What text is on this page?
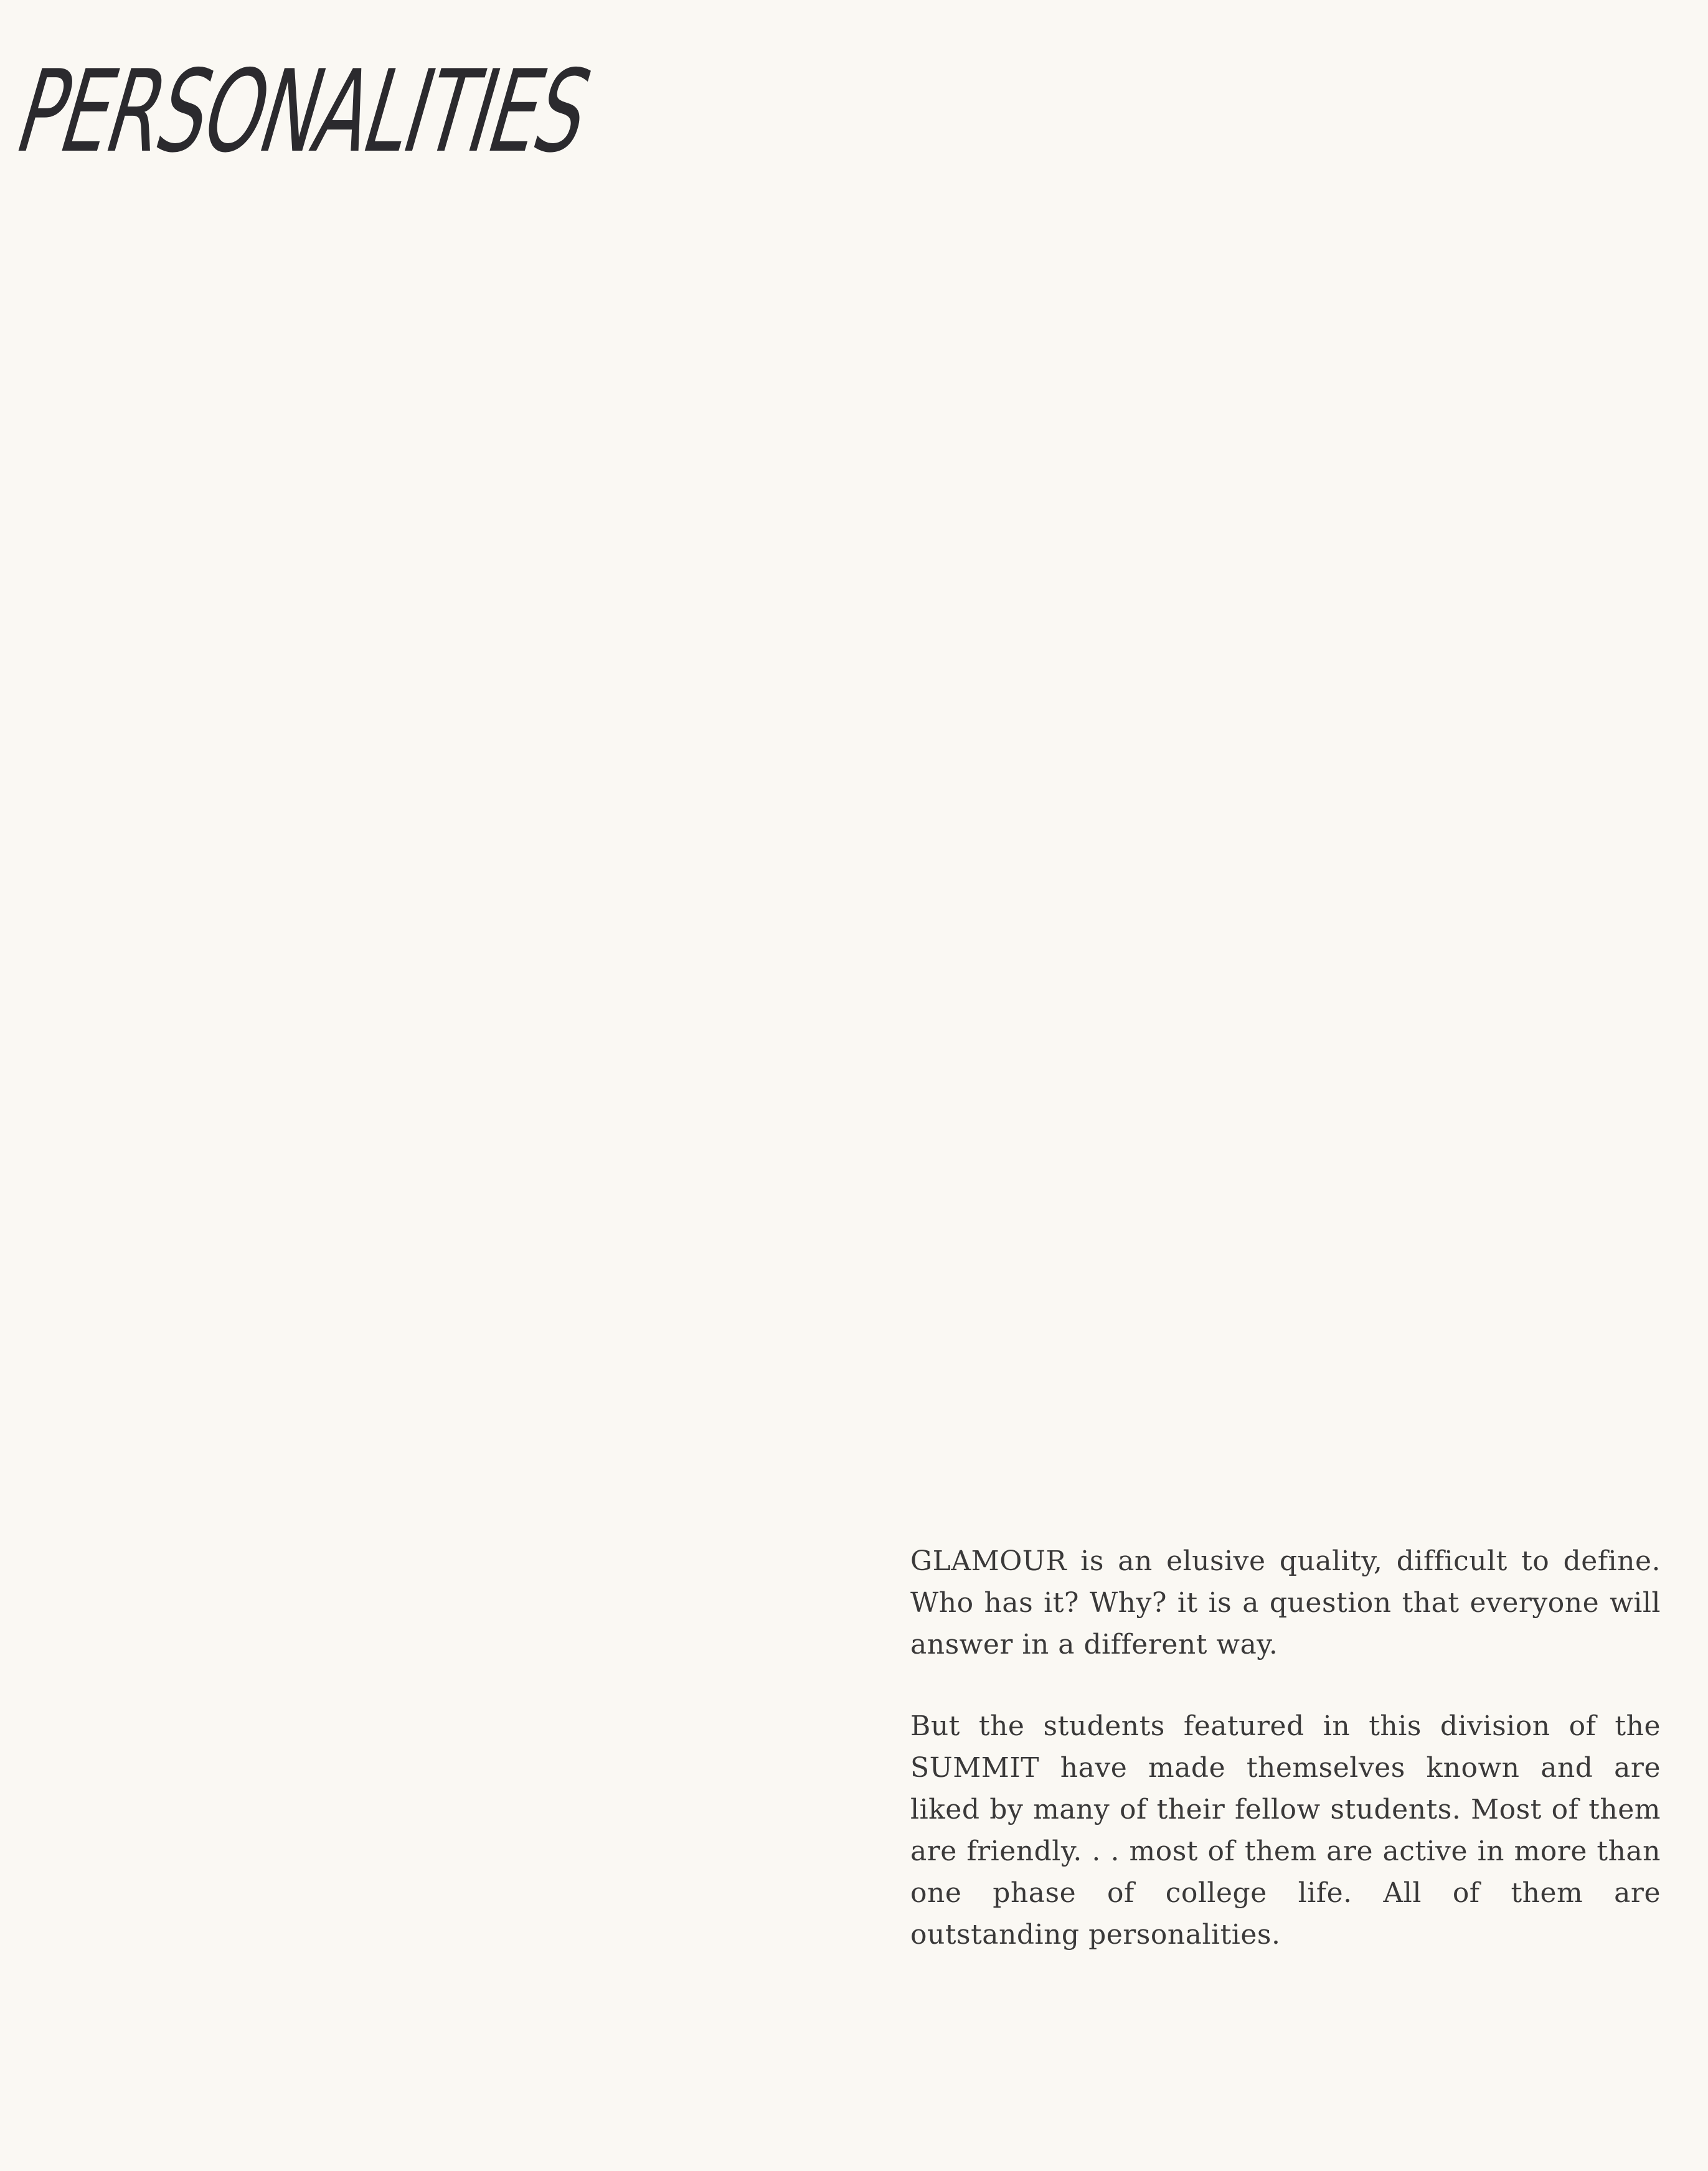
PERSONALITIES

GLAMOUR is an elusive quality, difficult to define. Who has it? Why? it is a question that everyone will answer in a different way.

But the students featured in this division of the SUMMIT have made themselves known and are liked by many of their fellow students. Most of them are friendly. . . most of them are active in more than one phase of college life. All of them are outstanding personalities.
